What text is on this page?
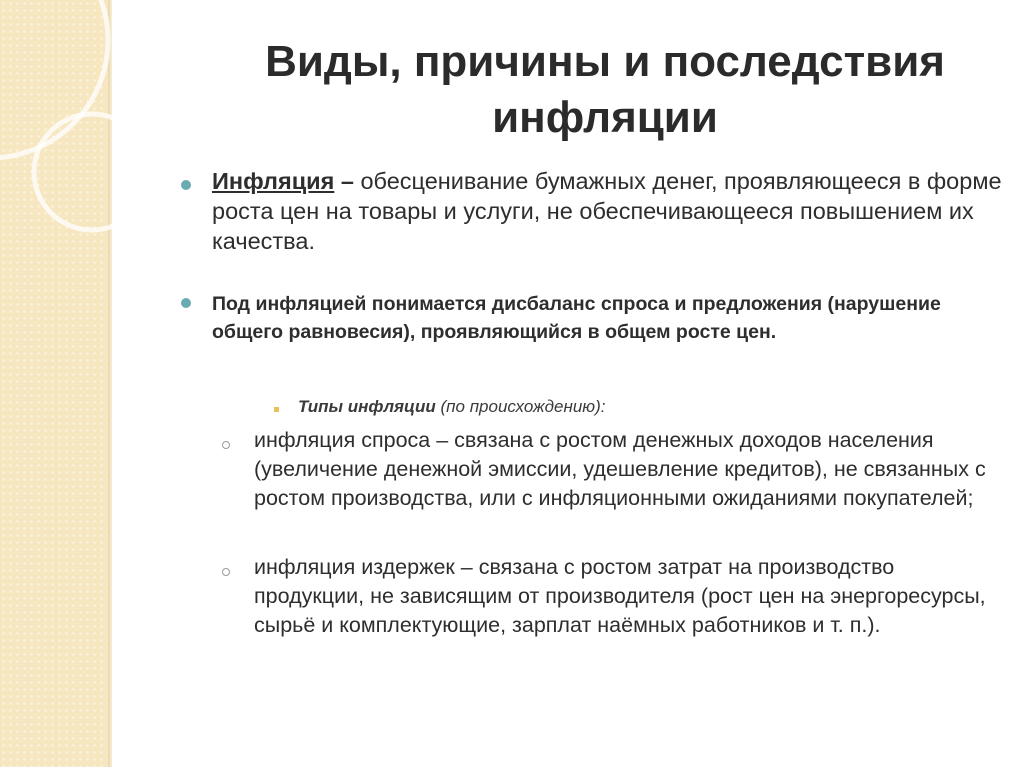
Виды, причины и последствия инфляции
Инфляция – обесценивание бумажных денег, проявляющееся в форме роста цен на товары и услуги, не обеспечивающееся повышением их качества.
Под инфляцией понимается дисбаланс спроса и предложения (нарушение общего равновесия), проявляющийся в общем росте цен.
Типы инфляции (по происхождению):
инфляция спроса – связана с ростом денежных доходов населения (увеличение денежной эмиссии, удешевление кредитов), не связанных с ростом производства, или с инфляционными ожиданиями покупателей;
инфляция издержек – связана с ростом затрат на производство продукции, не зависящим от производителя (рост цен на энергоресурсы, сырьё и комплектующие, зарплат наёмных работников и т. п.).
